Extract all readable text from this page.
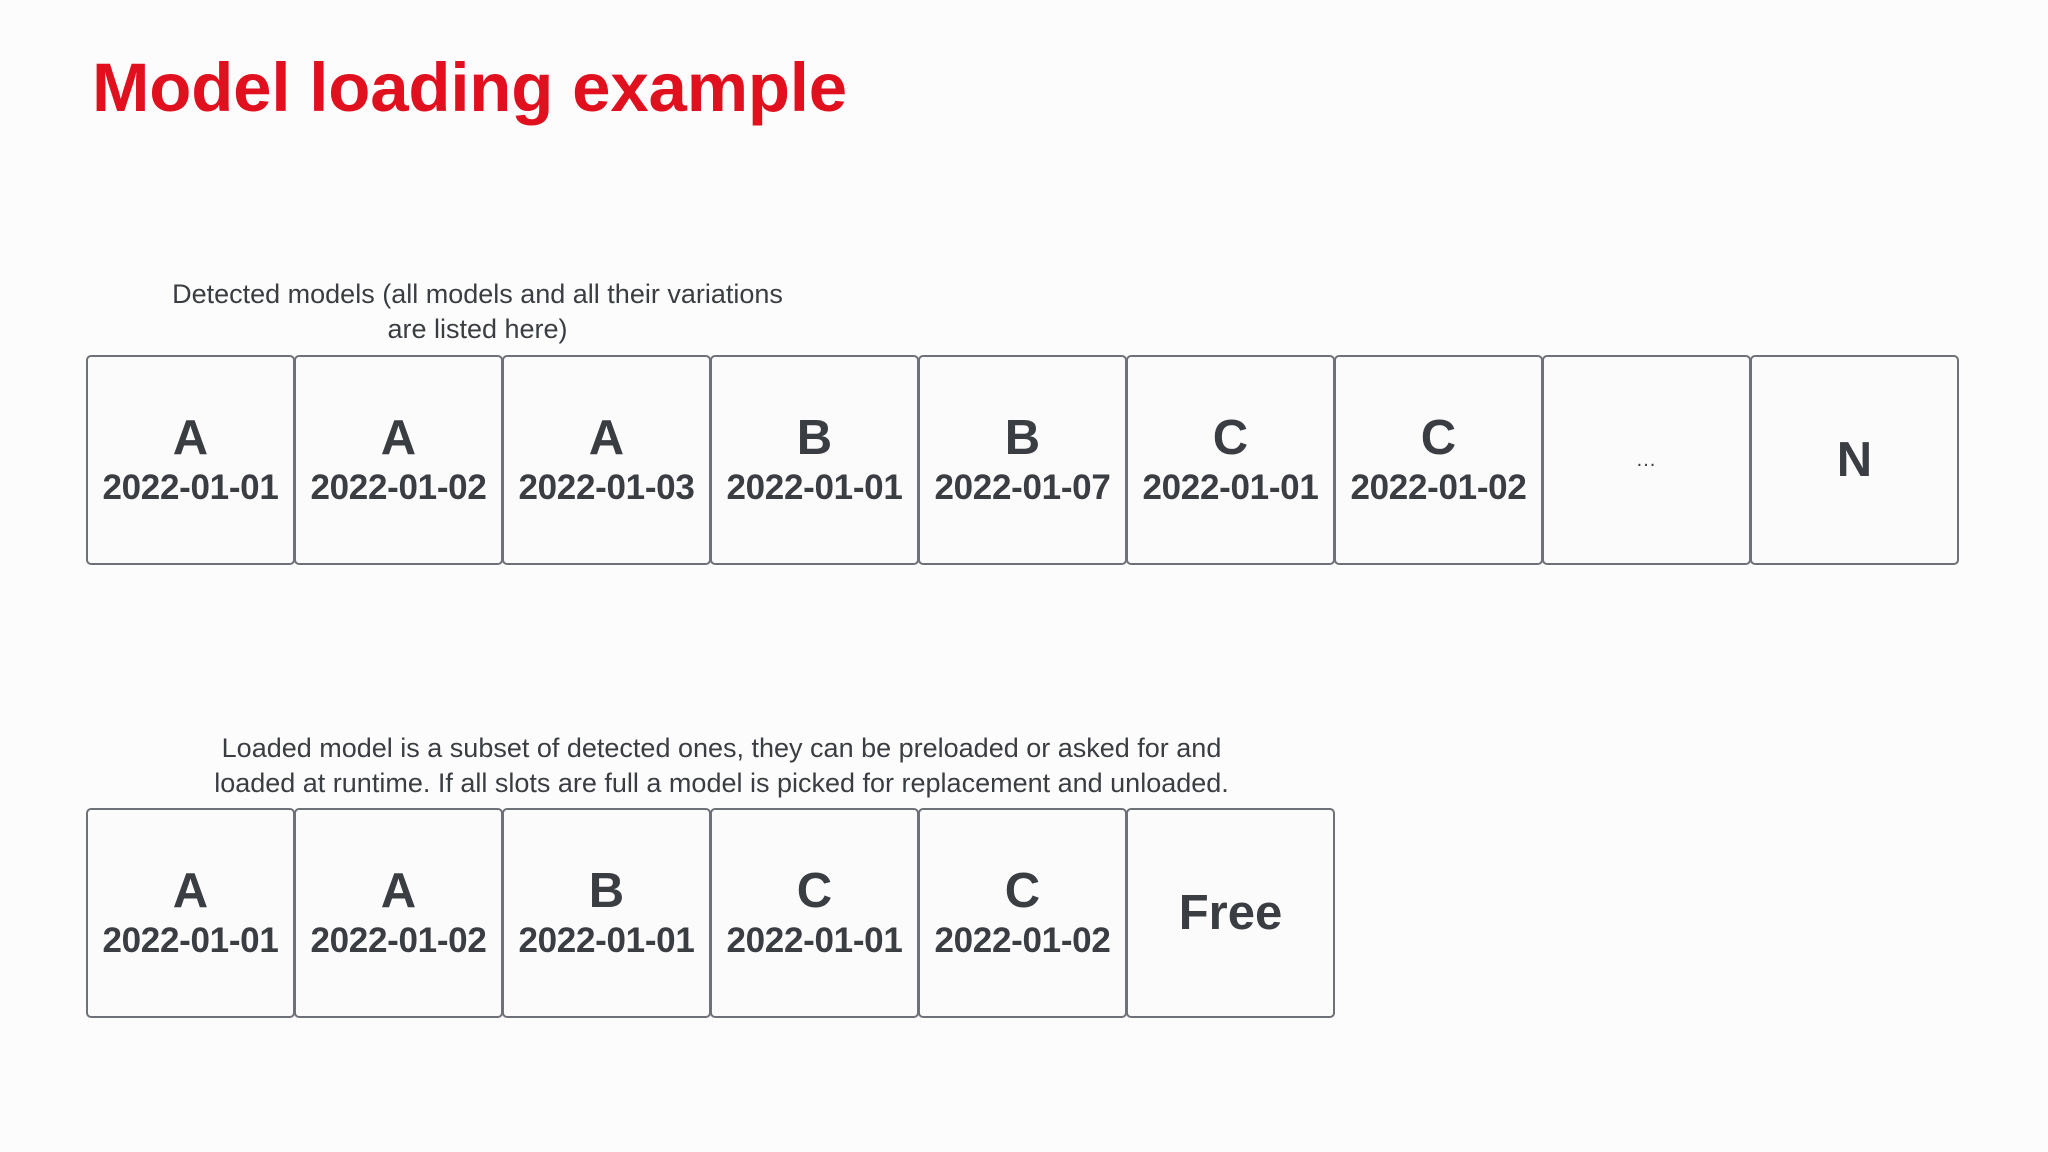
Model loading example
Detected models (all models and all their variations
are listed here)
A
2022-01-01
A
2022-01-02
A
2022-01-03
B
2022-01-01
B
2022-01-07
C
2022-01-01
C
2022-01-02
...	N
Loaded model is a subset of detected ones, they can be preloaded or asked for and
loaded at runtime. If all slots are full a model is picked for replacement and unloaded.
A
2022-01-01
A
2022-01-02
B
2022-01-01
C
2022-01-01
C
2022-01-02 Free
